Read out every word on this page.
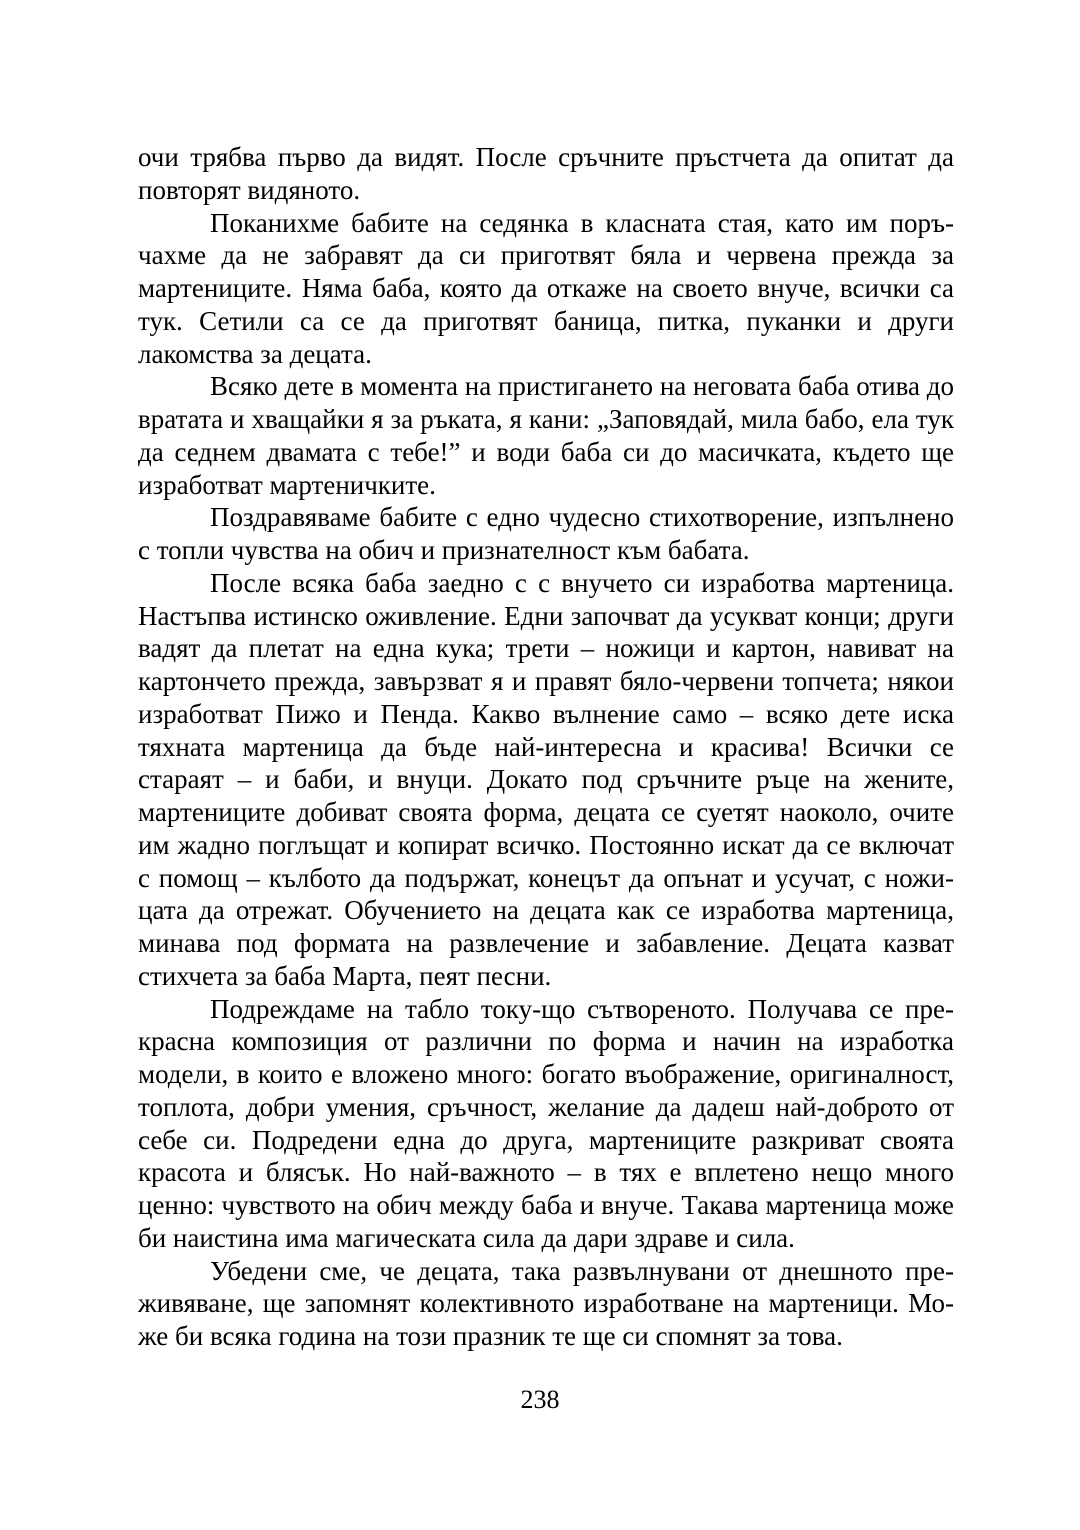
очи трябва първо да видят. После сръчните пръстчета да опитат да повторят видяното.

Поканихме бабите на седянка в класната стая, като им поръчахме да не забравят да си приготвят бяла и червена прежда за мартениците. Няма баба, която да откаже на своето внуче, всички са тук. Сетили са се да приготвят баница, питка, пуканки и други лакомства за децата.

Всяко дете в момента на пристигането на неговата баба отива до вратата и хващайки я за ръката, я кани: „Заповядай, мила бабо, ела тук да седнем двамата с тебе!” и води баба си до масичката, където ще изработват мартеничките.

Поздравяваме бабите с едно чудесно стихотворение, изпълнено с топли чувства на обич и признателност към бабата.

После всяка баба заедно с с внучето си изработва мартеница. Настъпва истинско оживление. Едни започват да усукват конци; други вадят да плетат на една кука; трети – ножици и картон, навиват на картончето прежда, завързват я и правят бяло-червени топчета; някои изработват Пижо и Пенда. Какво вълнение само – всяко дете иска тяхната мартеница да бъде най-интересна и красива! Всички се стараят – и баби, и внуци. Докато под сръчните ръце на жените, мартениците добиват своята форма, децата се суетят наоколо, очите им жадно поглъщат и копират всичко. Постоянно искат да се включат с помощ – кълбото да подържат, конецът да опънат и усучат, с ножицата да отрежат. Обучението на децата как се изработва мартеница, минава под формата на развлечение и забавление. Децата казват стихчета за баба Марта, пеят песни.

Подреждаме на табло току-що сътвореното. Получава се прекрасна композиция от различни по форма и начин на изработка модели, в които е вложено много: богато въображение, оригиналност, топлота, добри умения, сръчност, желание да дадеш най-доброто от себе си. Подредени една до друга, мартениците разкриват своята красота и блясък. Но най-важното – в тях е вплетено нещо много ценно: чувството на обич между баба и внуче. Такава мартеница може би наистина има магическата сила да дари здраве и сила.

Убедени сме, че децата, така развълнувани от днешното преживяване, ще запомнят колективното изработване на мартеници. Може би всяка година на този празник те ще си спомнят за това.

238
